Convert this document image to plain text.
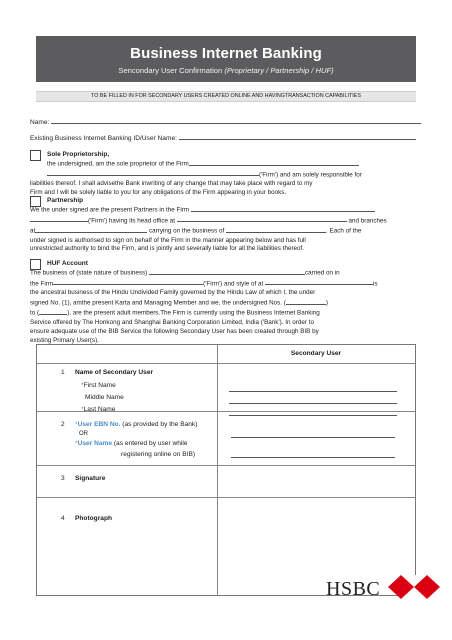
Business Internet Banking
Sencondary User Confirmation (Proprietary / Partnership / HUF)
TO BE FILLED IN FOR SECONDARY USERS CREATED ONLINE AND HAVINGTRANSACTION CAPABILITIES
Name:
Existing Business Internet Banking ID/User Name:
Sole Proprietorship,
the undersigned, am the sole proprietor of the Firm
('Firm') and am solely responsible for
liabilities thereof. I shall advisethe Bank inwriting of any change that may take place with regard to my
Firm and I will be solely liable to you for any obligations of the Firm appearing in your books.
Partnership
We the under signed are the present Partners in the Firm
('Firm') having its head office at	and branches
at	carrying on the business of	. Each of the
under signed is authorised to sign on behalf of the Firm in the manner appearing below and has full
unrestricted authority to bind the Firm, and is jointly and severally liable for all the liabilities thereof.
HUF Account
The business of (state nature of business)	carried on in
the Firm	('Firm') and style of at	is
the ancestral business of the Hindu Undivided Family governed by the Hindu Law of which I, the under
signed No. (1), amthe present Karta and Managing Member and we, the undersigned Nos. (	)
to (	), are the present adult members.The Firm is currently using the Business Internet Banking
Service offered by The Honkong and Shanghai Banking Corporation Limited, India ('Bank'). In order to
ensure adequate use of the BIB Service the following Secondary User has been created through BIB by
existing Primary User(s).
Secondary User
1 Name of Secondary User
*First Name
Middle Name
*Last Name
2 *User EBN No. (as provided by the Bank)
OR
*User Name (as entered by user while
registering online on BIB)
3 Signature
4 Photograph
HSBC
